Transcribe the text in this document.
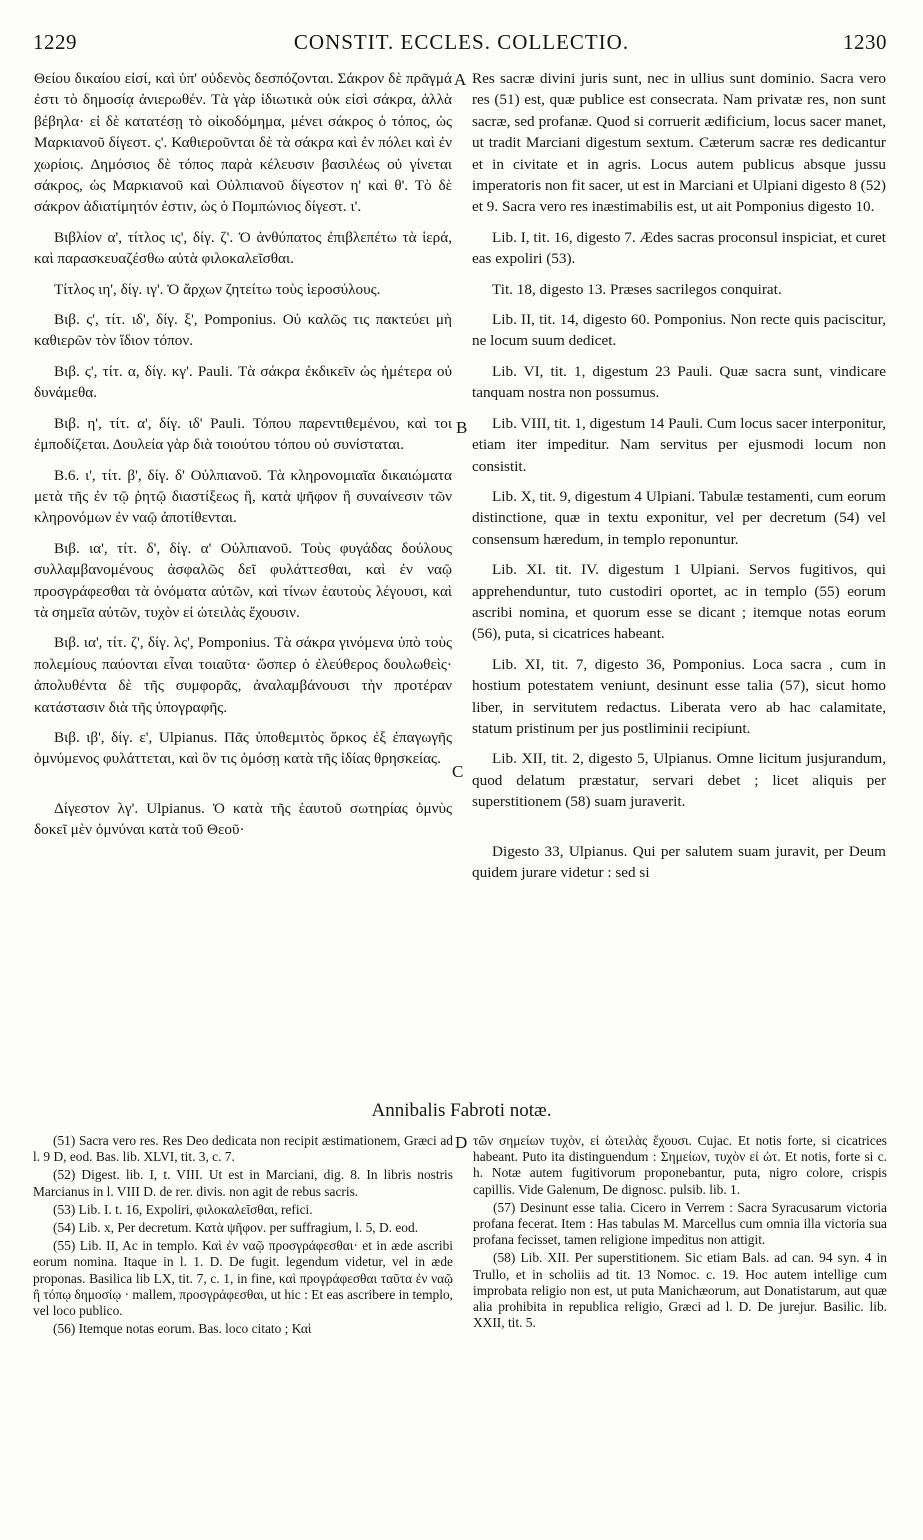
1229	CONSTIT. ECCLES. COLLECTIO.	1230
A
B
C
D

Θείου δικαίου εἰσί, καὶ ὑπ' οὐδενὸς δεσπόζονται. Σάκρον δὲ πρᾶγμά ἐστι τὸ δημοσίᾳ ἀνιερωθέν. Τὰ γὰρ ἰδιωτικὰ οὐκ εἰσὶ σάκρα, ἀλλὰ βέβηλα· εἰ δὲ κατατέσῃ τὸ οἰκοδόμημα, μένει σάκρος ὁ τόπος, ὡς Μαρκιανοῦ δίγεστ. ς'. Καθιεροῦνται δὲ τὰ σάκρα καὶ ἐν πόλει καὶ ἐν χωρίοις. Δημόσιος δὲ τόπος παρὰ κέλευσιν βασιλέως οὐ γίνεται σάκρος, ὡς Μαρκιανοῦ καὶ Οὐλπιανοῦ δίγεστον η' καὶ θ'. Τὸ δὲ σάκρον ἀδιατίμητόν ἐστιν, ὡς ὁ Πομπώνιος δίγεστ. ι'.

Βιβλίον α', τίτλος ις', δίγ. ζ'. Ὁ ἀνθύπατος ἐπιβλεπέτω τὰ ἱερά, καὶ παρασκευαζέσθω αὐτὰ φιλοκαλεῖσθαι.

Τίτλος ιη', δίγ. ιγ'. Ὁ ἄρχων ζητείτω τοὺς ἱεροσύλους.

Βιβ. ς', τίτ. ιδ', δίγ. ξ', Pomponius. Οὐ καλῶς τις πακτεύει μὴ καθιερῶν τὸν ἴδιον τόπον.

Βιβ. ς', τίτ. α, δίγ. κγ'. Pauli. Τὰ σάκρα ἐκδικεῖν ὡς ἡμέτερα οὐ δυνάμεθα.

Βιβ. η', τίτ. α', δίγ. ιδ' Pauli. Τόπου παρεντιθεμένου, καὶ τοι ἐμποδίζεται. Δουλεία γὰρ διὰ τοιούτου τόπου οὐ συνίσταται.

Β.6. ι', τίτ. β', δίγ. δ' Οὐλπιανοῦ. Τὰ κληρονομιαῖα δικαιώματα μετὰ τῆς ἐν τῷ ῥητῷ διαστίξεως ἢ, κατὰ ψῆφον ἢ συναίνεσιν τῶν κληρονόμων ἐν ναῷ ἀποτίθενται.

Βιβ. ια', τίτ. δ', δίγ. α' Οὐλπιανοῦ. Τοὺς φυγάδας δούλους συλλαμβανομένους ἀσφαλῶς δεῖ φυλάττεσθαι, καὶ ἐν ναῷ προσγράφεσθαι τὰ ὀνόματα αὐτῶν, καὶ τίνων ἑαυτοὺς λέγουσι, καὶ τὰ σημεῖα αὐτῶν, τυχὸν εἰ ὠτειλὰς ἔχουσιν.

Βιβ. ια', τίτ. ζ', δίγ. λς', Pomponius. Τὰ σάκρα γινόμενα ὑπὸ τοὺς πολεμίους παύονται εἶναι τοιαῦτα· ὥσπερ ὁ ἐλεύθερος δουλωθεὶς· ἀπολυθέντα δὲ τῆς συμφορᾶς, ἀναλαμβάνουσι τὴν προτέραν κατάστασιν διὰ τῆς ὑπογραφῆς.

Βιβ. ιβ', δίγ. ε', Ulpianus. Πᾶς ὑποθεμιτὸς ὅρκος ἐξ ἐπαγωγῆς ὀμνύμενος φυλάττεται, καὶ ὃν τις ὀμόσῃ κατὰ τῆς ἰδίας θρησκείας.

Δίγεστον λγ'. Ulpianus. Ὁ κατὰ τῆς ἑαυτοῦ σωτηρίας ὀμνὺς δοκεῖ μὲν ὀμνύναι κατὰ τοῦ Θεοῦ·

Res sacræ divini juris sunt, nec in ullius sunt dominio. Sacra vero res (51) est, quæ publice est consecrata. Nam privatæ res, non sunt sacræ, sed profanæ. Quod si corruerit ædificium, locus sacer manet, ut tradit Marciani digestum sextum. Cæterum sacræ res dedicantur et in civitate et in agris. Locus autem publicus absque jussu imperatoris non fit sacer, ut est in Marciani et Ulpiani digesto 8 (52) et 9. Sacra vero res inæstimabilis est, ut ait Pomponius digesto 10.

Lib. I, tit. 16, digesto 7. Ædes sacras proconsul inspiciat, et curet eas expoliri (53).

Tit. 18, digesto 13. Præses sacrilegos conquirat.

Lib. II, tit. 14, digesto 60. Pomponius. Non recte quis paciscitur, ne locum suum dedicet.

Lib. VI, tit. 1, digestum 23 Pauli. Quæ sacra sunt, vindicare tanquam nostra non possumus.

Lib. VIII, tit. 1, digestum 14 Pauli. Cum locus sacer interponitur, etiam iter impeditur. Nam servitus per ejusmodi locum non consistit.

Lib. X, tit. 9, digestum 4 Ulpiani. Tabulæ testamenti, cum eorum distinctione, quæ in textu exponitur, vel per decretum (54) vel consensum hæredum, in templo reponuntur.

Lib. XI. tit. IV. digestum 1 Ulpiani. Servos fugitivos, qui apprehenduntur, tuto custodiri oportet, ac in templo (55) eorum ascribi nomina, et quorum esse se dicant ; itemque notas eorum (56), puta, si cicatrices habeant.

Lib. XI, tit. 7, digesto 36, Pomponius. Loca sacra , cum in hostium potestatem veniunt, desinunt esse talia (57), sicut homo liber, in servitutem redactus. Liberata vero ab hac calamitate, statum pristinum per jus postliminii recipiunt.

Lib. XII, tit. 2, digesto 5, Ulpianus. Omne licitum jusjurandum, quod delatum præstatur, servari debet ; licet aliquis per superstitionem (58) suam juraverit.

Digesto 33, Ulpianus. Qui per salutem suam juravit, per Deum quidem jurare videtur : sed si

Annibalis Fabroti notæ.

(51) Sacra vero res. Res Deo dedicata non recipit æstimationem, Græci ad l. 9 D, eod. Bas. lib. XLVI, tit. 3, c. 7.

(52) Digest. lib. I, t. VIII. Ut est in Marciani, dig. 8. In libris nostris Marcianus in l. VIII D. de rer. divis. non agit de rebus sacris.

(53) Lib. I. t. 16, Expoliri, φιλοκαλεῖσθαι, refici.

(54) Lib. x, Per decretum. Κατὰ ψῆφον. per suffragium, l. 5, D. eod.

(55) Lib. II, Ac in templo. Καὶ ἐν ναῷ προσγράφεσθαι· et in æde ascribi eorum nomina. Itaque in l. 1. D. De fugit. legendum videtur, vel in æde proponas. Basilica lib LX, tit. 7, c. 1, in fine, καὶ προγράφεσθαι ταῦτα ἐν ναῷ ἢ τόπῳ δημοσίῳ · mallem, προσγράφεσθαι, ut hic : Et eas ascribere in templo, vel loco publico.

(56) Itemque notas eorum. Bas. loco citato ; Καὶ

τῶν σημείων τυχὸν, εἰ ὠτειλὰς ἔχουσι. Cujac. Et notis forte, si cicatrices habeant. Puto ita distinguendum : Σημείων, τυχὸν εἰ ὠτ. Et notis, forte si c. h. Notæ autem fugitivorum proponebantur, puta, nigro colore, crispis capillis. Vide Galenum, De dignosc. pulsib. lib. 1.

(57) Desinunt esse talia. Cicero in Verrem : Sacra Syracusarum victoria profana fecerat. Item : Has tabulas M. Marcellus cum omnia illa victoria sua profana fecisset, tamen religione impeditus non attigit.

(58) Lib. XII. Per superstitionem. Sic etiam Bals. ad can. 94 syn. 4 in Trullo, et in scholiis ad tit. 13 Nomoc. c. 19. Hoc autem intellige cum improbata religio non est, ut puta Manichæorum, aut Donatistarum, aut quæ alia prohibita in republica religio, Græci ad l. D. De jurejur. Basilic. lib. XXII, tit. 5.
